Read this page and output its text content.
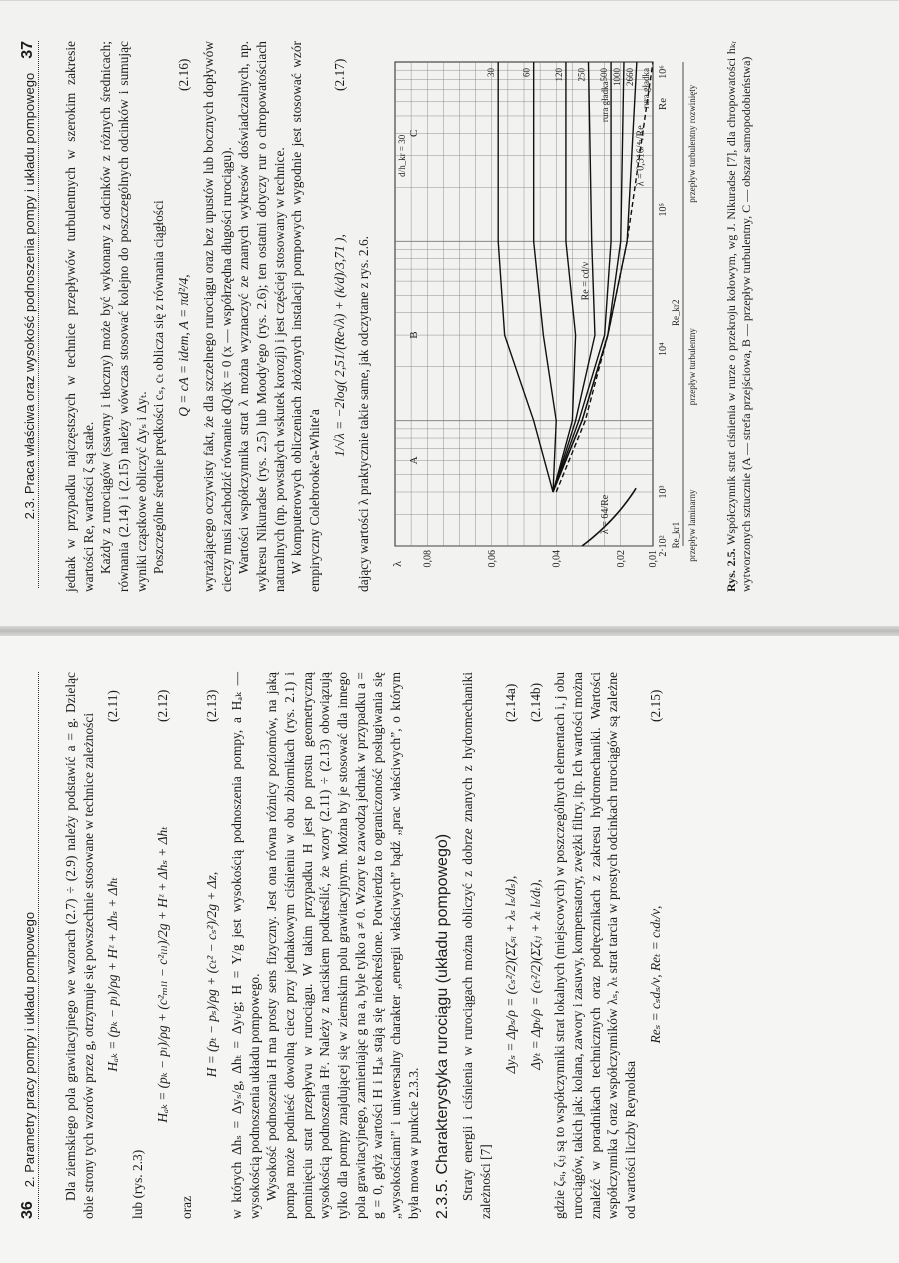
36
2. Parametry pracy pompy i układu pompowego Dla ziemskiego pola grawitacyjnego we wzorach (2.7) ÷ (2.9) należy podstawić a = g. Dzieląc obie strony tych wzorów przez g, otrzymuje się powszechnie stosowane w technice zależności Hₐₖ = (pₖ − pₗ)/ρg + Hᶻ + Δhₛ + Δhₜ
(2.11)

lub (rys. 2.3)

Hₐₖ = (pₖ − pₗ)/ρg + (c²ₘₗₗ − c²ₗₗₗ)/2g + Hᶻ + Δhₛ + Δhₜ
(2.12)

oraz

H = (pₜ − pₛ)/ρg + (cₜ² − cₛ²)/2g + Δz,
(2.13) w których Δhₛ = Δyₛ/g, Δhₜ = Δyₜ/g; H = Y/g jest wysokością podnoszenia pompy, a Hₐₖ — wysokością podnoszenia układu pompowego. Wysokość podnoszenia H ma prosty sens fizyczny. Jest ona równa różnicy poziomów, na jaką pompa może podnieść dowolną ciecz przy jednakowym ciśnieniu w obu zbiornikach (rys. 2.1) i pominięciu strat przepływu w rurociągu. W takim przypadku H jest po prostu geometryczną wysokością podnoszenia Hᶻ. Należy z naciskiem podkreślić, że wzory (2.11) ÷ (2.13) obowiązują tylko dla pompy znajdującej się w ziemskim polu grawitacyjnym. Można by je stosować dla innego pola grawitacyjnego, zamieniając g na a, byle tylko a ≠ 0. Wzory te zawodzą jednak w przypadku a = g = 0, gdyż wartości H i Hₐₖ stają się nieokreślone. Potwierdza to ograniczoność posługiwania się „wysokościami” i uniwersalny charakter „energii właściwych” bądź „prac właściwych”, o którym była mowa w punkcie 2.3.3. 2.3.5. Charakterystyka rurociągu (układu pompowego) Straty energii i ciśnienia w rurociągach można obliczyć z dobrze znanych z hydromechaniki zależności [7]

Δyₛ = Δpₛ/ρ = (cₛ²/2)(Σζₛᵢ + λₛ lₛ/dₛ),
(2.14a)
Δyₜ = Δpₜ/ρ = (cₜ²/2)(Σζₜⱼ + λₜ lₜ/dₜ),
(2.14b) gdzie ζₛᵢ, ζₜⱼ są to współczynniki strat lokalnych (miejscowych) w poszczególnych elementach i, j obu rurociągów, takich jak: kolana, zawory i zasuwy, kompensatory, zwężki filtry, itp. Ich wartości można znaleźć w poradnikach technicznych oraz podręcznikach z zakresu hydromechaniki. Wartości współczynnika ζ oraz współczynników λₛ, λₜ strat tarcia w prostych odcinkach rurociągów są zależne od wartości liczby Reynoldsa

Reₛ = cₛdₛ/ν, Reₜ = cₜdₜ/ν,
(2.15)
2.3. Praca właściwa oraz wysokość podnoszenia pompy i układu pompowego
37 jednak w przypadku najczęstszych w technice przepływów turbulentnych w szerokim zakresie wartości Re, wartości ζ są stałe. Każdy z rurociągów (ssawny i tłoczny) może być wykonany z odcinków z różnych średnicach; równania (2.14) i (2.15) należy wówczas stosować kolejno do poszczególnych odcinków i sumując wyniki cząstkowe obliczyć Δyₛ i Δyₜ. Poszczególne średnie prędkości cₛ, cₜ oblicza się z równania ciągłości Q = cA = idem, A = πd²/4,
(2.16) wyrażającego oczywisty fakt, że dla szczelnego rurociągu oraz bez upustów lub bocznych dopływów cieczy musi zachodzić równanie dQ/dx = 0 (x — współrzędna długości rurociągu). Wartości współczynnika strat λ można wyznaczyć ze znanych wykresów doświadczalnych, np. wykresu Nikuradse (rys. 2.5) lub Moody'ego (rys. 2.6); ten ostatni dotyczy rur o chropowatościach naturalnych (np. powstałych wskutek korozji) i jest częściej stosowany w technice. W komputerowych obliczeniach złożonych instalacji pompowych wygodnie jest stosować wzór empiryczny Colebrooke'a-White'a

1/√λ = −2log( 2,51/(Re√λ) + (k/d)/3,71 ),
(2.17)

dający wartości λ praktycznie takie same, jak odczytane z rys. 2.6.	0,01
0,02
0,04
0,06
0,08
λ
2·10²
10³
10⁴
10⁵
10⁶
Re
30	60 120 250 500 1000 2660 rura gładka
A
B
C
λ = 64/Re
λ = 0,316/⁴√Re
Re = cd/ν
rura gładka
d/h_kr = 30
Re_kr1
Re_kr2
przepływ laminarny
przepływ turbulentny
przepływ turbulentny rozwinięty
Rys. 2.5. Współczynnik strat ciśnienia w rurze o przekroju kołowym, wg J. Nikuradse [7], dla chropowatości hₖᵣ wytworzonych sztucznie (A — strefa przejściowa, B — przepływ turbulentny, C — obszar samopodobieństwa)
